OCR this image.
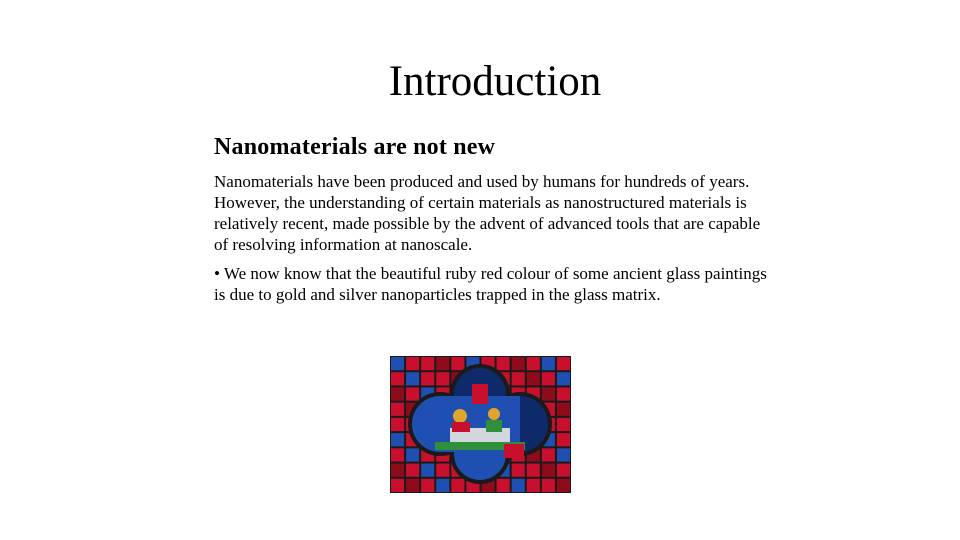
Introduction

Nanomaterials are not new

Nanomaterials have been produced and used by humans for hundreds of years. However, the understanding of certain materials as nanostructured materials is relatively recent, made possible by the advent of advanced tools that are capable of resolving information at nanoscale.

• We now know that the beautiful ruby red colour of some ancient glass paintings is due to gold and silver nanoparticles trapped in the glass matrix.
